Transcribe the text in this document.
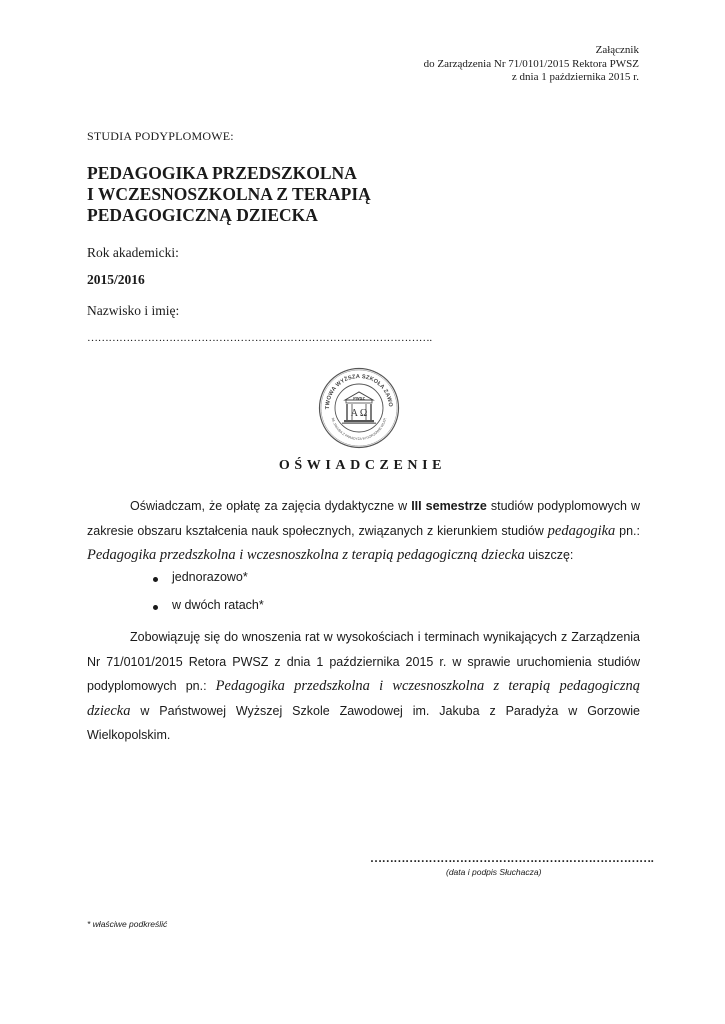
Załącznik
do Zarządzenia Nr 71/0101/2015 Rektora PWSZ
z dnia 1 października 2015 r.
STUDIA PODYPLOMOWE:
PEDAGOGIKA PRZEDSZKOLNA
I WCZESNOSZKOLNA Z TERAPIĄ
PEDAGOGICZNĄ DZIECKA
Rok akademicki:
2015/2016
Nazwisko i imię:
…………………………………………………………………………………….
TWOWA WYŻSZA SZKOŁA ZAWO
IM. JAKUBA Z PARADYŻA W GORZOWIE WLKP.
PWSZ
A Ω
OŚWIADCZENIE
Oświadczam, że opłatę za zajęcia dydaktyczne w III semestrze studiów podyplomowych w zakresie obszaru kształcenia nauk społecznych, związanych z kierunkiem studiów pedagogika pn.: Pedagogika przedszkolna i wczesnoszkolna z terapią pedagogiczną dziecka uiszczę:
jednorazowo*
w dwóch ratach*
Zobowiązuję się do wnoszenia rat w wysokościach i terminach wynikających z Zarządzenia Nr 71/0101/2015 Retora PWSZ z dnia 1 października 2015 r. w sprawie uruchomienia studiów podyplomowych pn.: Pedagogika przedszkolna i wczesnoszkolna z terapią pedagogiczną dziecka w Państwowej Wyższej Szkole Zawodowej im. Jakuba z Paradyża w Gorzowie Wielkopolskim.
……………………………………………………………….
(data i podpis Słuchacza)
* właściwe podkreślić
